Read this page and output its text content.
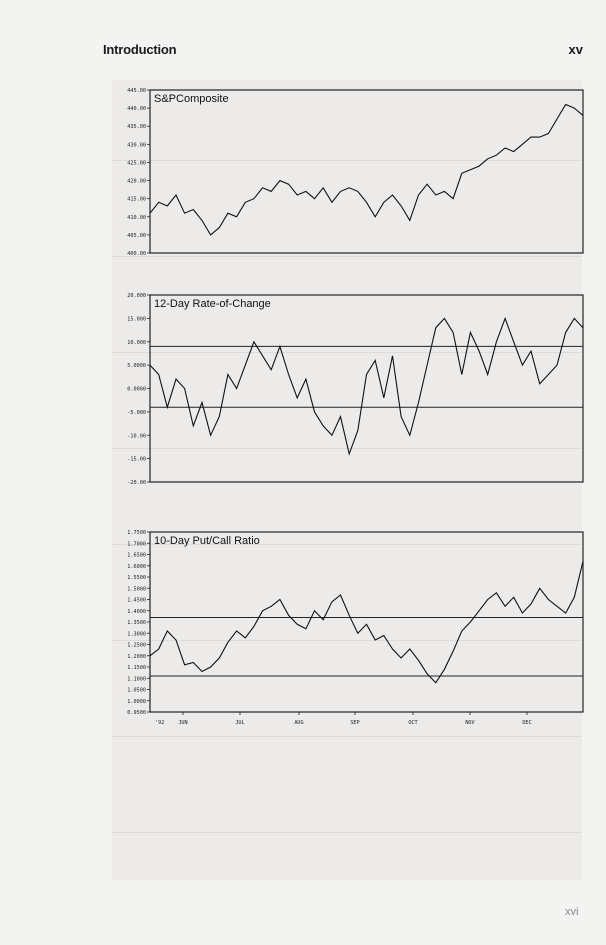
Introduction	xv
445.00
440.00
435.00
430.00
425.00
420.00
415.00
410.00
405.00
400.00
S&PComposite
20.000
15.000
10.000
5.0000
0.0000
-5.000
-10.00
-15.00
-20.00
12-Day Rate-of-Change
1.7500
1.7000
1.6500
1.6000
1.5500
1.5000
1.4500
1.4000
1.3500
1.3000
1.2500
1.2000
1.1500
1.1000
1.0500
1.0000
0.9500
10-Day Put/Call Ratio
'92	JUN	JUL	AUG	SEP	OCT	NOV	DEC
xvi
